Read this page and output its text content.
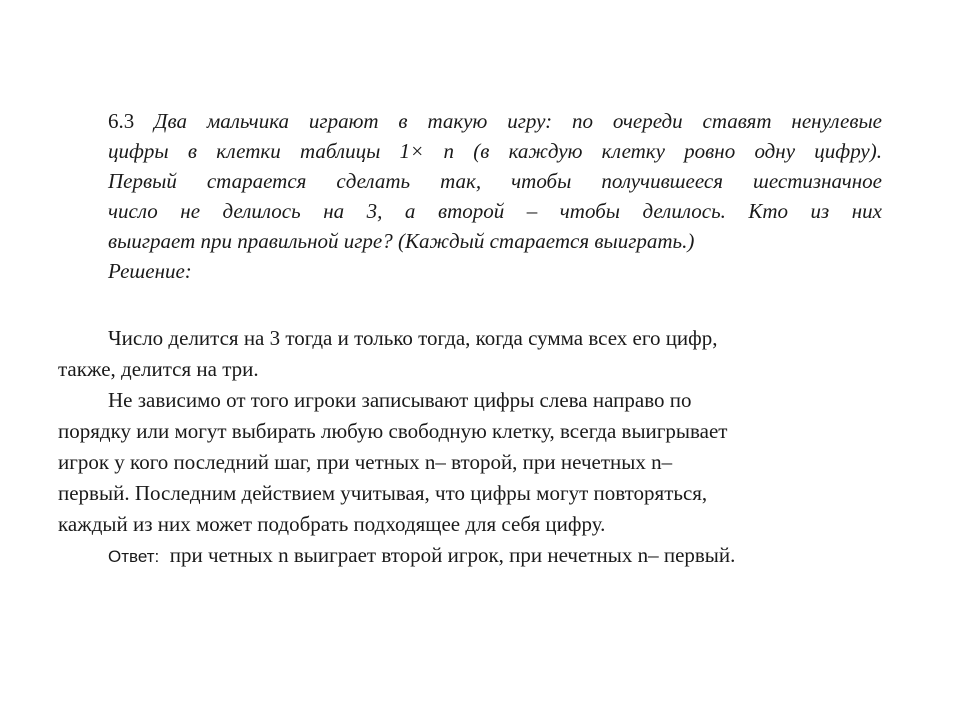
6.3 Два мальчика играют в такую игру: по очереди ставят ненулевые
цифры в клетки таблицы 1× n (в каждую клетку ровно одну цифру).
Первый старается сделать так, чтобы получившееся шестизначное
число не делилось на 3, а второй – чтобы делилось. Кто из них
выиграет при правильной игре? (Каждый старается выиграть.)
Решение:
Число делится на 3 тогда и только тогда, когда сумма всех его цифр,
также, делится на три.
Не зависимо от того игроки записывают цифры слева направо по
порядку или могут выбирать любую свободную клетку, всегда выигрывает
игрок у кого последний шаг, при четных n– второй, при нечетных n–
первый. Последним действием учитывая, что цифры могут повторяться,
каждый из них может подобрать подходящее для себя цифру.
Ответ:  при четных n выиграет второй игрок, при нечетных n– первый.
